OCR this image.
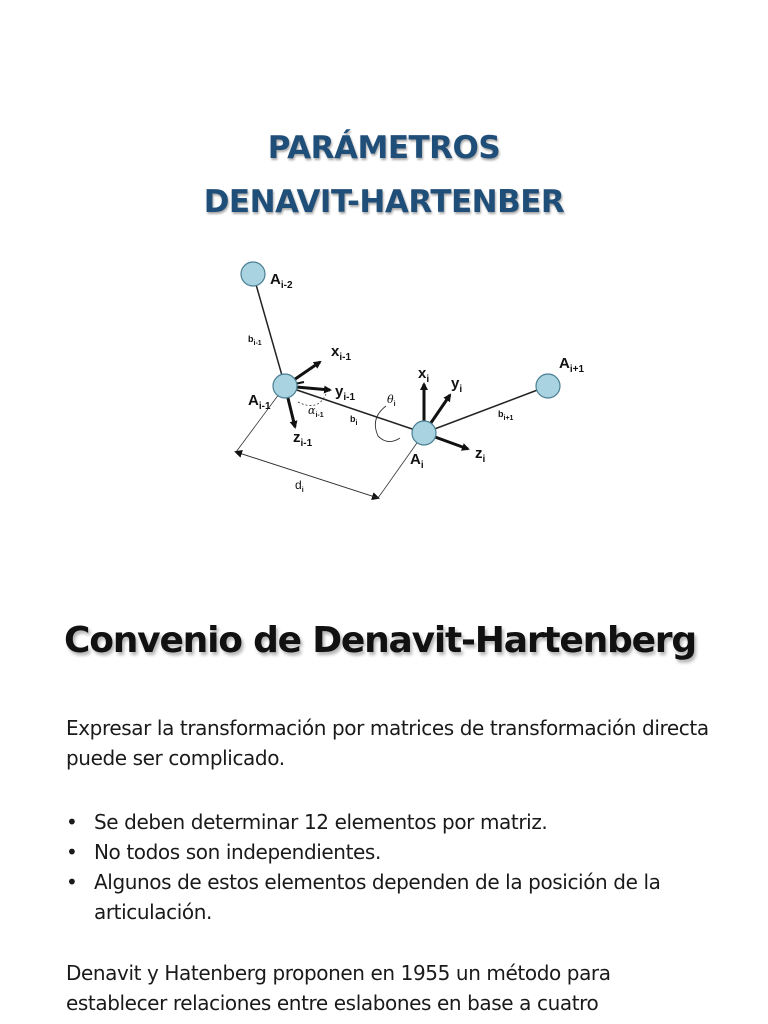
PARÁMETROS
DENAVIT-HARTENBER
$A_{i-2}$
bi-1	$x_{i-1}$
$y_{i-1}$
$A_{i-1}$	αi-1
$z_{i-1}$
bi
θi
$x_i$ $y_i$
$A_{i+1}$
bi+1
$z_i$
$A_i$
di
Convenio de Denavit-Hartenberg

Expresar la transformación por matrices de transformación directa puede ser complicado.

• Se deben determinar 12 elementos por matriz.
• No todos son independientes.
• Algunos de estos elementos dependen de la posición de la articulación.

Denavit y Hatenberg proponen en 1955 un método para establecer relaciones entre eslabones en base a cuatro
